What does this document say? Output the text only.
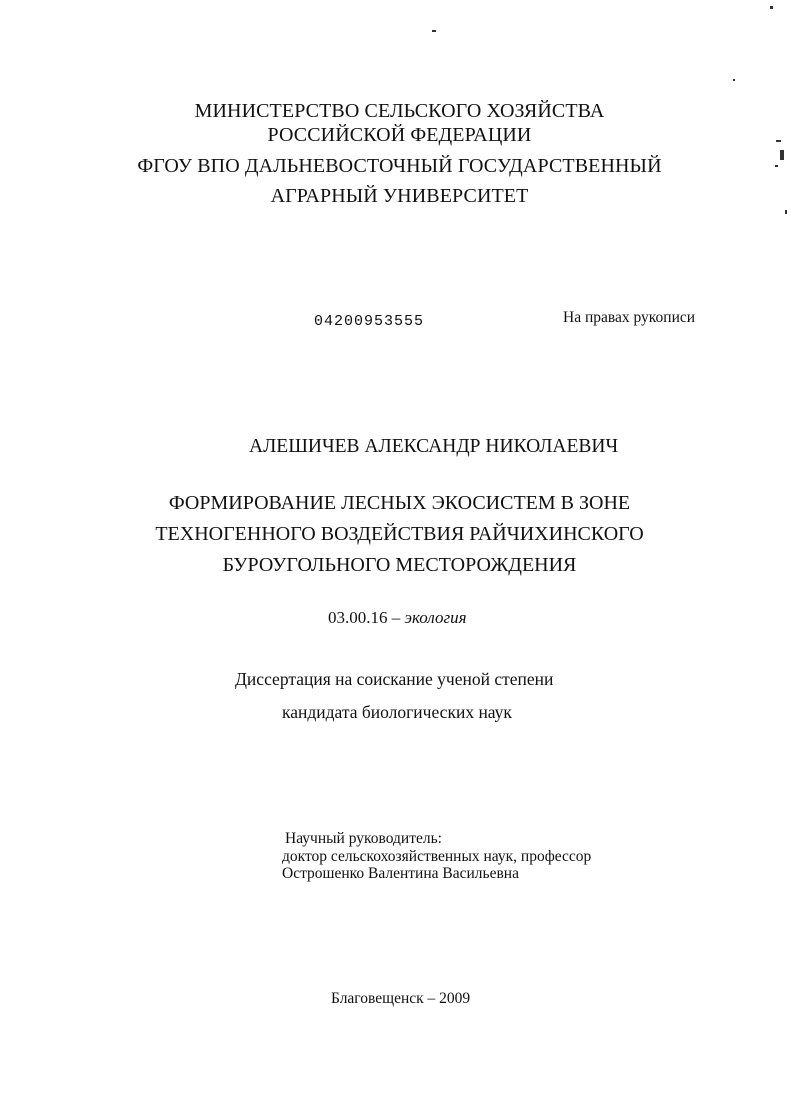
МИНИСТЕРСТВО СЕЛЬСКОГО ХОЗЯЙСТВА
РОССИЙСКОЙ ФЕДЕРАЦИИ
ФГОУ ВПО ДАЛЬНЕВОСТОЧНЫЙ ГОСУДАРСТВЕННЫЙ
АГРАРНЫЙ УНИВЕРСИТЕТ
04200953555	На правах рукописи
АЛЕШИЧЕВ АЛЕКСАНДР НИКОЛАЕВИЧ
ФОРМИРОВАНИЕ ЛЕСНЫХ ЭКОСИСТЕМ В ЗОНЕ
ТЕХНОГЕННОГО ВОЗДЕЙСТВИЯ РАЙЧИХИНСКОГО
БУРОУГОЛЬНОГО МЕСТОРОЖДЕНИЯ
03.00.16 – экология
Диссертация на соискание ученой степени
кандидата биологических наук
Научный руководитель:
доктор сельскохозяйственных наук, профессор
Острошенко Валентина Васильевна
Благовещенск – 2009
